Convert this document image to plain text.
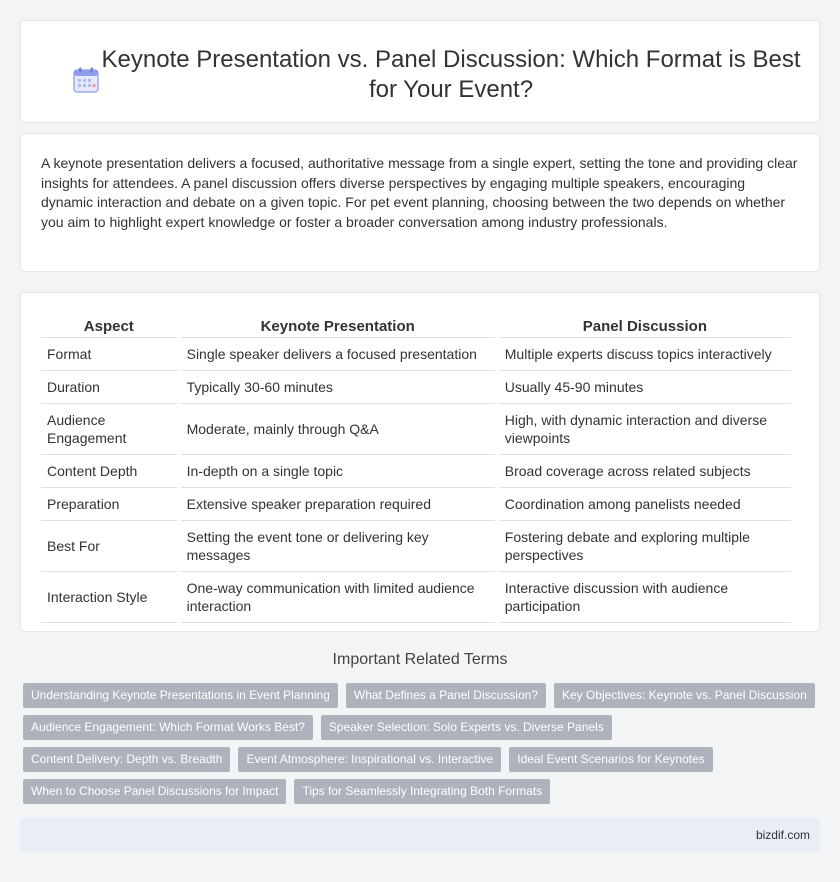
Keynote Presentation vs. Panel Discussion: Which Format is Best for Your Event?

A keynote presentation delivers a focused, authoritative message from a single expert, setting the tone and providing clear insights for attendees. A panel discussion offers diverse perspectives by engaging multiple speakers, encouraging dynamic interaction and debate on a given topic. For pet event planning, choosing between the two depends on whether you aim to highlight expert knowledge or foster a broader conversation among industry professionals.

Aspect	Keynote Presentation	Panel Discussion
Format	Single speaker delivers a focused presentation	Multiple experts discuss topics interactively
Duration	Typically 30-60 minutes	Usually 45-90 minutes
Audience Engagement	Moderate, mainly through Q&A	High, with dynamic interaction and diverse viewpoints
Content Depth	In-depth on a single topic	Broad coverage across related subjects
Preparation	Extensive speaker preparation required	Coordination among panelists needed
Best For	Setting the event tone or delivering key messages	Fostering debate and exploring multiple perspectives
Interaction Style	One-way communication with limited audience interaction	Interactive discussion with audience participation
Important Related Terms
Understanding Keynote Presentations in Event Planning	What Defines a Panel Discussion?	Key Objectives: Keynote vs. Panel Discussion
Audience Engagement: Which Format Works Best?	Speaker Selection: Solo Experts vs. Diverse Panels
Content Delivery: Depth vs. Breadth	Event Atmosphere: Inspirational vs. Interactive	Ideal Event Scenarios for Keynotes
When to Choose Panel Discussions for Impact	Tips for Seamlessly Integrating Both Formats
bizdif.com
